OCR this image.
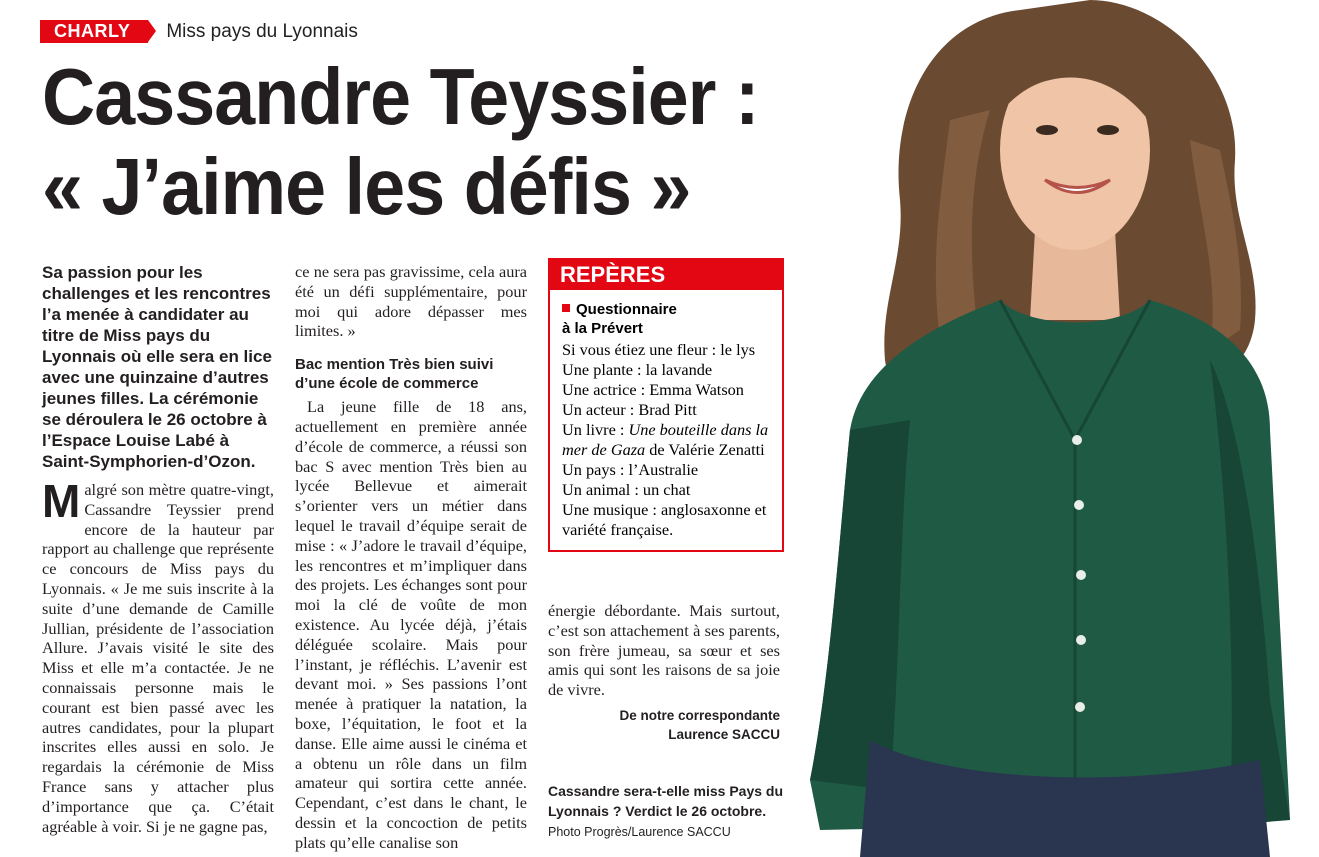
CHARLY	Miss pays du Lyonnais
Cassandre Teyssier :
« J’aime les défis »

Sa passion pour les challenges et les rencontres l’a menée à candidater au titre de Miss pays du Lyonnais où elle sera en lice avec une quinzaine d’autres jeunes filles. La cérémonie se déroulera le 26 octobre à l’Espace Louise Labé à Saint-Symphorien-d’Ozon.

Malgré son mètre quatre-vingt, Cassandre Teyssier prend encore de la hauteur par rapport au challenge que représente ce concours de Miss pays du Lyonnais. « Je me suis inscrite à la suite d’une demande de Camille Jullian, présidente de l’association Allure. J’avais visité le site des Miss et elle m’a contactée. Je ne connaissais personne mais le courant est bien passé avec les autres candidates, pour la plupart inscrites elles aussi en solo. Je regardais la cérémonie de Miss France sans y attacher plus d’importance que ça. C’était agréable à voir. Si je ne gagne pas,

ce ne sera pas gravissime, cela aura été un défi supplémentaire, pour moi qui adore dépasser mes limites. »

Bac mention Très bien suivi d’une école de commerce

La jeune fille de 18 ans, actuellement en première année d’école de commerce, a réussi son bac S avec mention Très bien au lycée Bellevue et aimerait s’orienter vers un métier dans lequel le travail d’équipe serait de mise : « J’adore le travail d’équipe, les rencontres et m’impliquer dans des projets. Les échanges sont pour moi la clé de voûte de mon existence. Au lycée déjà, j’étais déléguée scolaire. Mais pour l’instant, je réfléchis. L’avenir est devant moi. » Ses passions l’ont menée à pratiquer la natation, la boxe, l’équitation, le foot et la danse. Elle aime aussi le cinéma et a obtenu un rôle dans un film amateur qui sortira cette année. Cependant, c’est dans le chant, le dessin et la concoction de petits plats qu’elle canalise son

REPÈRES

Questionnaire
à la Prévert

Si vous étiez une fleur : le lys

Une plante : la lavande

Une actrice : Emma Watson

Un acteur : Brad Pitt

Un livre : Une bouteille dans la mer de Gaza de Valérie Zenatti

Un pays : l’Australie

Un animal : un chat

Une musique : anglosaxonne et variété française.

énergie débordante. Mais surtout, c’est son attachement à ses parents, son frère jumeau, sa sœur et ses amis qui sont les raisons de sa joie de vivre.

De notre correspondante
Laurence SACCU

Cassandre sera-t-elle miss Pays du Lyonnais ? Verdict le 26 octobre.

Photo Progrès/Laurence SACCU
